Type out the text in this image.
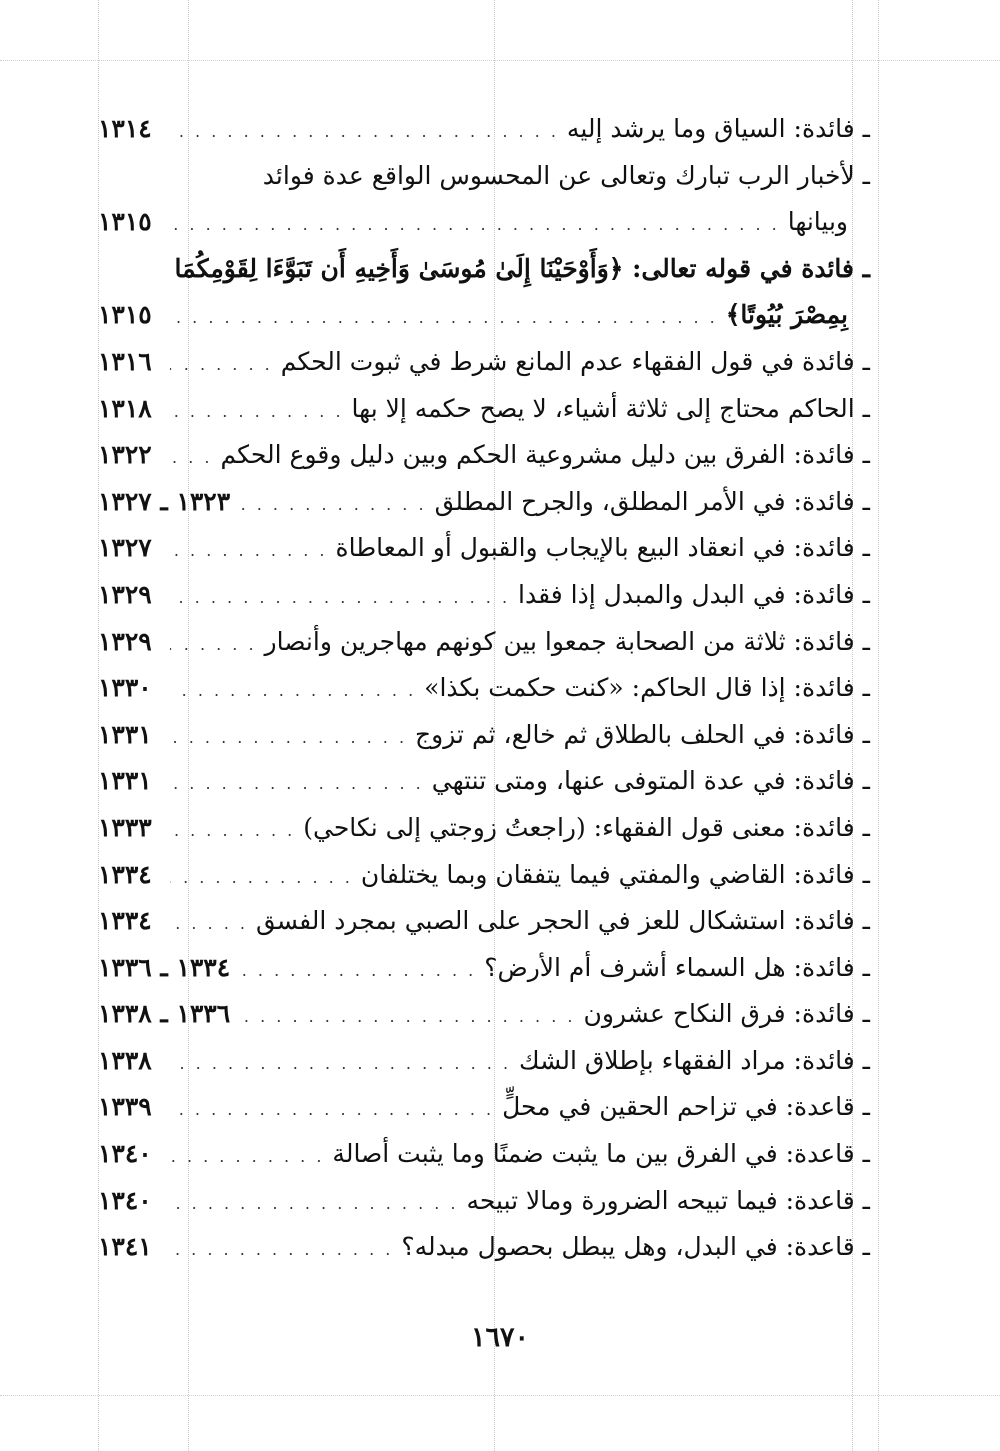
ـ فائدة: السياق وما يرشد إليه
. . .
١٣١٤
ـ لأخبار الرب تبارك وتعالى عن المحسوس الواقع عدة فوائد
وبيانها
. . .
١٣١٥
ـ فائدة في قوله تعالى: ﴿وَأَوْحَيْنَا إِلَىٰ مُوسَىٰ وَأَخِيهِ أَن تَبَوَّءَا لِقَوْمِكُمَا
بِمِصْرَ بُيُوتًا﴾
. . .
١٣١٥
ـ فائدة في قول الفقهاء عدم المانع شرط في ثبوت الحكم
. . .
١٣١٦
ـ الحاكم محتاج إلى ثلاثة أشياء، لا يصح حكمه إلا بها
. . .
١٣١٨
ـ فائدة: الفرق بين دليل مشروعية الحكم وبين دليل وقوع الحكم
. . .
١٣٢٢
ـ فائدة: في الأمر المطلق، والجرح المطلق
. . .
١٣٢٣ ـ ١٣٢٧
ـ فائدة: في انعقاد البيع بالإيجاب والقبول أو المعاطاة
. . .
١٣٢٧
ـ فائدة: في البدل والمبدل إذا فقدا
. . .
١٣٢٩
ـ فائدة: ثلاثة من الصحابة جمعوا بين كونهم مهاجرين وأنصار
. . .
١٣٢٩
ـ فائدة: إذا قال الحاكم: «كنت حكمت بكذا»
. . .
١٣٣٠
ـ فائدة: في الحلف بالطلاق ثم خالع، ثم تزوج
. . .
١٣٣١
ـ فائدة: في عدة المتوفى عنها، ومتى تنتهي
. . .
١٣٣١
ـ فائدة: معنى قول الفقهاء: (راجعتُ زوجتي إلى نكاحي)
. . .
١٣٣٣
ـ فائدة: القاضي والمفتي فيما يتفقان وبما يختلفان
. . .
١٣٣٤
ـ فائدة: استشكال للعز في الحجر على الصبي بمجرد الفسق
. . .
١٣٣٤
ـ فائدة: هل السماء أشرف أم الأرض؟
. . .
١٣٣٤ ـ ١٣٣٦
ـ فائدة: فرق النكاح عشرون
. . .
١٣٣٦ ـ ١٣٣٨
ـ فائدة: مراد الفقهاء بإطلاق الشك
. . .
١٣٣٨
ـ قاعدة: في تزاحم الحقين في محلٍّ
. . .
١٣٣٩
ـ قاعدة: في الفرق بين ما يثبت ضمنًا وما يثبت أصالة
. . .
١٣٤٠
ـ قاعدة: فيما تبيحه الضرورة ومالا تبيحه
. . .
١٣٤٠
ـ قاعدة: في البدل، وهل يبطل بحصول مبدله؟
. . .
١٣٤١
١٦٧٠
